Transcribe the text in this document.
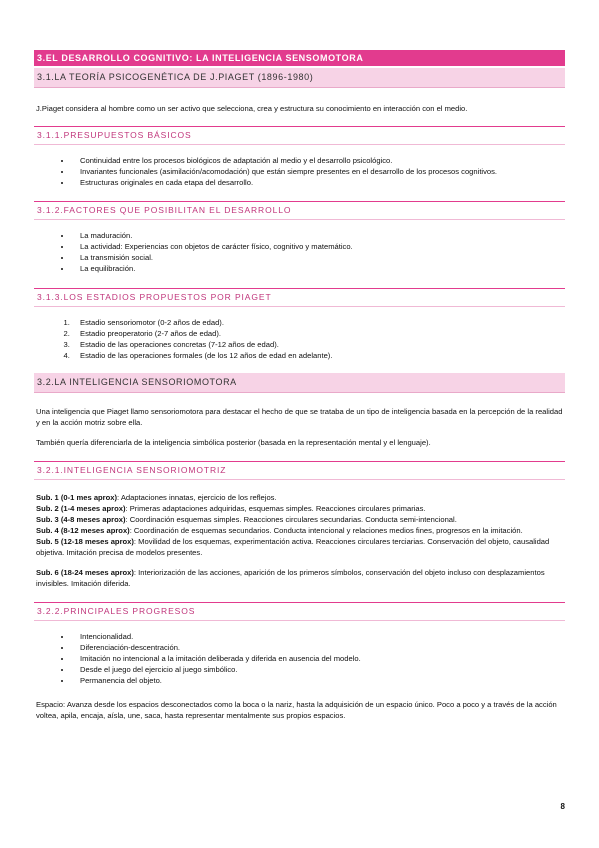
3.EL DESARROLLO COGNITIVO: LA INTELIGENCIA SENSOMOTORA
3.1.LA TEORÍA PSICOGENÉTICA DE J.PIAGET (1896-1980)

J.Piaget considera al hombre como un ser activo que selecciona, crea y estructura su conocimiento en interacción con el medio.

3.1.1.PRESUPUESTOS BÁSICOS
• Continuidad entre los procesos biológicos de adaptación al medio y el desarrollo psicológico.
• Invariantes funcionales (asimilación/acomodación) que están siempre presentes en el desarrollo de los procesos cognitivos.
• Estructuras originales en cada etapa del desarrollo.
3.1.2.FACTORES QUE POSIBILITAN EL DESARROLLO
• La maduración.
• La actividad: Experiencias con objetos de carácter físico, cognitivo y matemático.
• La transmisión social.
• La equilibración.
3.1.3.LOS ESTADIOS PROPUESTOS POR PIAGET
1. Estadio sensoriomotor (0-2 años de edad).
2. Estadio preoperatorio (2-7 años de edad).
3. Estadio de las operaciones concretas (7-12 años de edad).
4. Estadio de las operaciones formales (de los 12 años de edad en adelante).
3.2.LA INTELIGENCIA SENSORIOMOTORA

Una inteligencia que Piaget llamo sensoriomotora para destacar el hecho de que se trataba de un tipo de inteligencia basada en la percepción de la realidad y en la acción motriz sobre ella.

También quería diferenciarla de la inteligencia simbólica posterior (basada en la representación mental y el lenguaje).

3.2.1.INTELIGENCIA SENSORIOMOTRIZ

Sub. 1 (0-1 mes aprox): Adaptaciones innatas, ejercicio de los reflejos.

Sub. 2 (1-4 meses aprox): Primeras adaptaciones adquiridas, esquemas simples. Reacciones circulares primarias.

Sub. 3 (4-8 meses aprox): Coordinación esquemas simples. Reacciones circulares secundarias. Conducta semi-intencional.

Sub. 4 (8-12 meses aprox): Coordinación de esquemas secundarios. Conducta intencional y relaciones medios fines, progresos en la imitación.

Sub. 5 (12-18 meses aprox): Movilidad de los esquemas, experimentación activa. Reacciones circulares terciarias. Conservación del objeto, causalidad objetiva. Imitación precisa de modelos presentes.

Sub. 6 (18-24 meses aprox): Interiorización de las acciones, aparición de los primeros símbolos, conservación del objeto incluso con desplazamientos invisibles. Imitación diferida.

3.2.2.PRINCIPALES PROGRESOS
• Intencionalidad.
• Diferenciación-descentración.
• Imitación no intencional a la imitación deliberada y diferida en ausencia del modelo.
• Desde el juego del ejercicio al juego simbólico.
• Permanencia del objeto.

Espacio: Avanza desde los espacios desconectados como la boca o la nariz, hasta la adquisición de un espacio único. Poco a poco y a través de la acción voltea, apila, encaja, aísla, une, saca, hasta representar mentalmente sus propios espacios.

8
